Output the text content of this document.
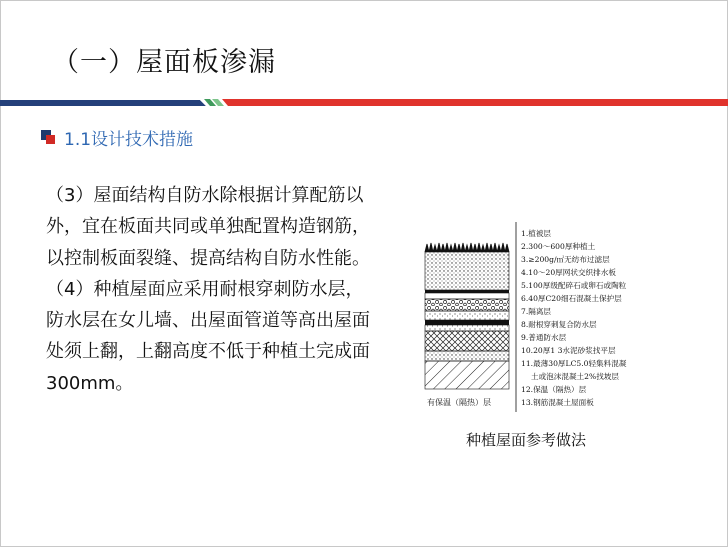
（一）屋面板渗漏
1.1设计技术措施

（3）屋面结构自防水除根据计算配筋以外，宜在板面共同或单独配置构造钢筋，以控制板面裂缝、提高结构自防水性能。

（4）种植屋面应采用耐根穿刺防水层，防水层在女儿墙、出屋面管道等高出屋面处须上翻，上翻高度不低于种植土完成面300mm。

有保温（隔热）层
1.植被层
2.300～600厚种植土
3.≥200g/㎡无纺布过滤层
4.10～20厚网状交织排水板
5.100厚级配碎石或卵石或陶粒
6.40厚C20细石混凝土保护层
7.隔离层
8.耐根穿刺复合防水层
9.普通防水层
10.20厚1 3水泥砂浆找平层
11.最薄30厚LC5.0轻集料混凝
土或泡沫混凝土2%找坡层
12.保温（隔热）层
13.钢筋混凝土屋面板
种植屋面参考做法
